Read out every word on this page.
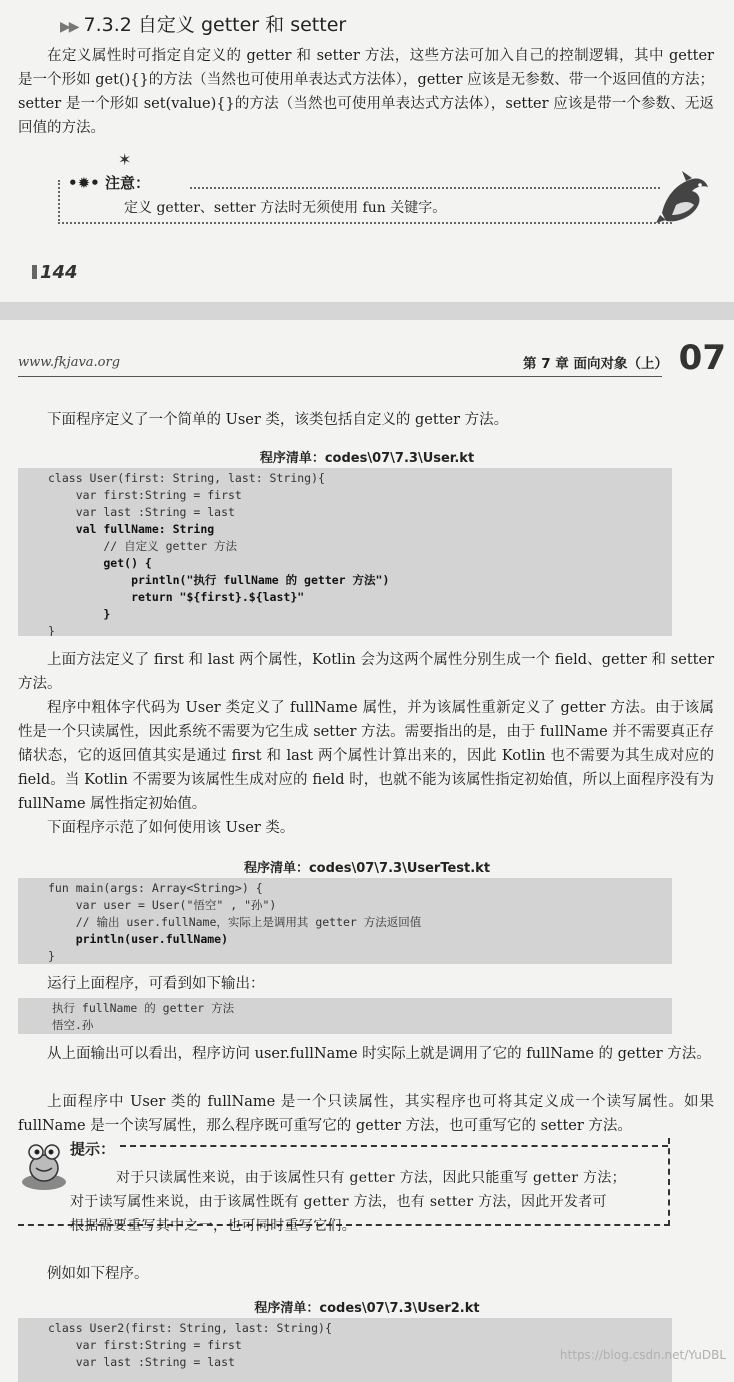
▶▶ 7.3.2 自定义 getter 和 setter
在定义属性时可指定自定义的 getter 和 setter 方法，这些方法可加入自己的控制逻辑，其中 getter 是一个形如 get(){}的方法（当然也可使用单表达式方法体），getter 应该是无参数、带一个返回值的方法；setter 是一个形如 set(value){}的方法（当然也可使用单表达式方法体），setter 应该是带一个参数、无返回值的方法。
✶
•✹• 注意：
定义 getter、setter 方法时无须使用 fun 关键字。
144
www.fkjava.org	第 7 章 面向对象（上） 07
下面程序定义了一个简单的 User 类，该类包括自定义的 getter 方法。
程序清单：codes\07\7.3\User.kt
class User(first: String, last: String){
var first:String = first
var last :String = last
val fullName: String
// 自定义 getter 方法
get() {
println("执行 fullName 的 getter 方法")
return "${first}.${last}"
}
}
上面方法定义了 first 和 last 两个属性，Kotlin 会为这两个属性分别生成一个 field、getter 和 setter 方法。
程序中粗体字代码为 User 类定义了 fullName 属性，并为该属性重新定义了 getter 方法。由于该属性是一个只读属性，因此系统不需要为它生成 setter 方法。需要指出的是，由于 fullName 并不需要真正存储状态，它的返回值其实是通过 first 和 last 两个属性计算出来的，因此 Kotlin 也不需要为其生成对应的 field。当 Kotlin 不需要为该属性生成对应的 field 时，也就不能为该属性指定初始值，所以上面程序没有为 fullName 属性指定初始值。
下面程序示范了如何使用该 User 类。
程序清单：codes\07\7.3\UserTest.kt
fun main(args: Array<String>) {
var user = User("悟空" , "孙")
// 输出 user.fullName，实际上是调用其 getter 方法返回值
println(user.fullName)
}
运行上面程序，可看到如下输出：
执行 fullName 的 getter 方法
悟空.孙
从上面输出可以看出，程序访问 user.fullName 时实际上就是调用了它的 fullName 的 getter 方法。
上面程序中 User 类的 fullName 是一个只读属性，其实程序也可将其定义成一个读写属性。如果 fullName 是一个读写属性，那么程序既可重写它的 getter 方法，也可重写它的 setter 方法。
提示：
对于只读属性来说，由于该属性只有 getter 方法，因此只能重写 getter 方法；
对于读写属性来说，由于该属性既有 getter 方法，也有 setter 方法，因此开发者可
根据需要重写其中之一，也可同时重写它们。
例如如下程序。
程序清单：codes\07\7.3\User2.kt
class User2(first: String, last: String){
var first:String = first
var last :String = last	https://blog.csdn.net/YuDBL
